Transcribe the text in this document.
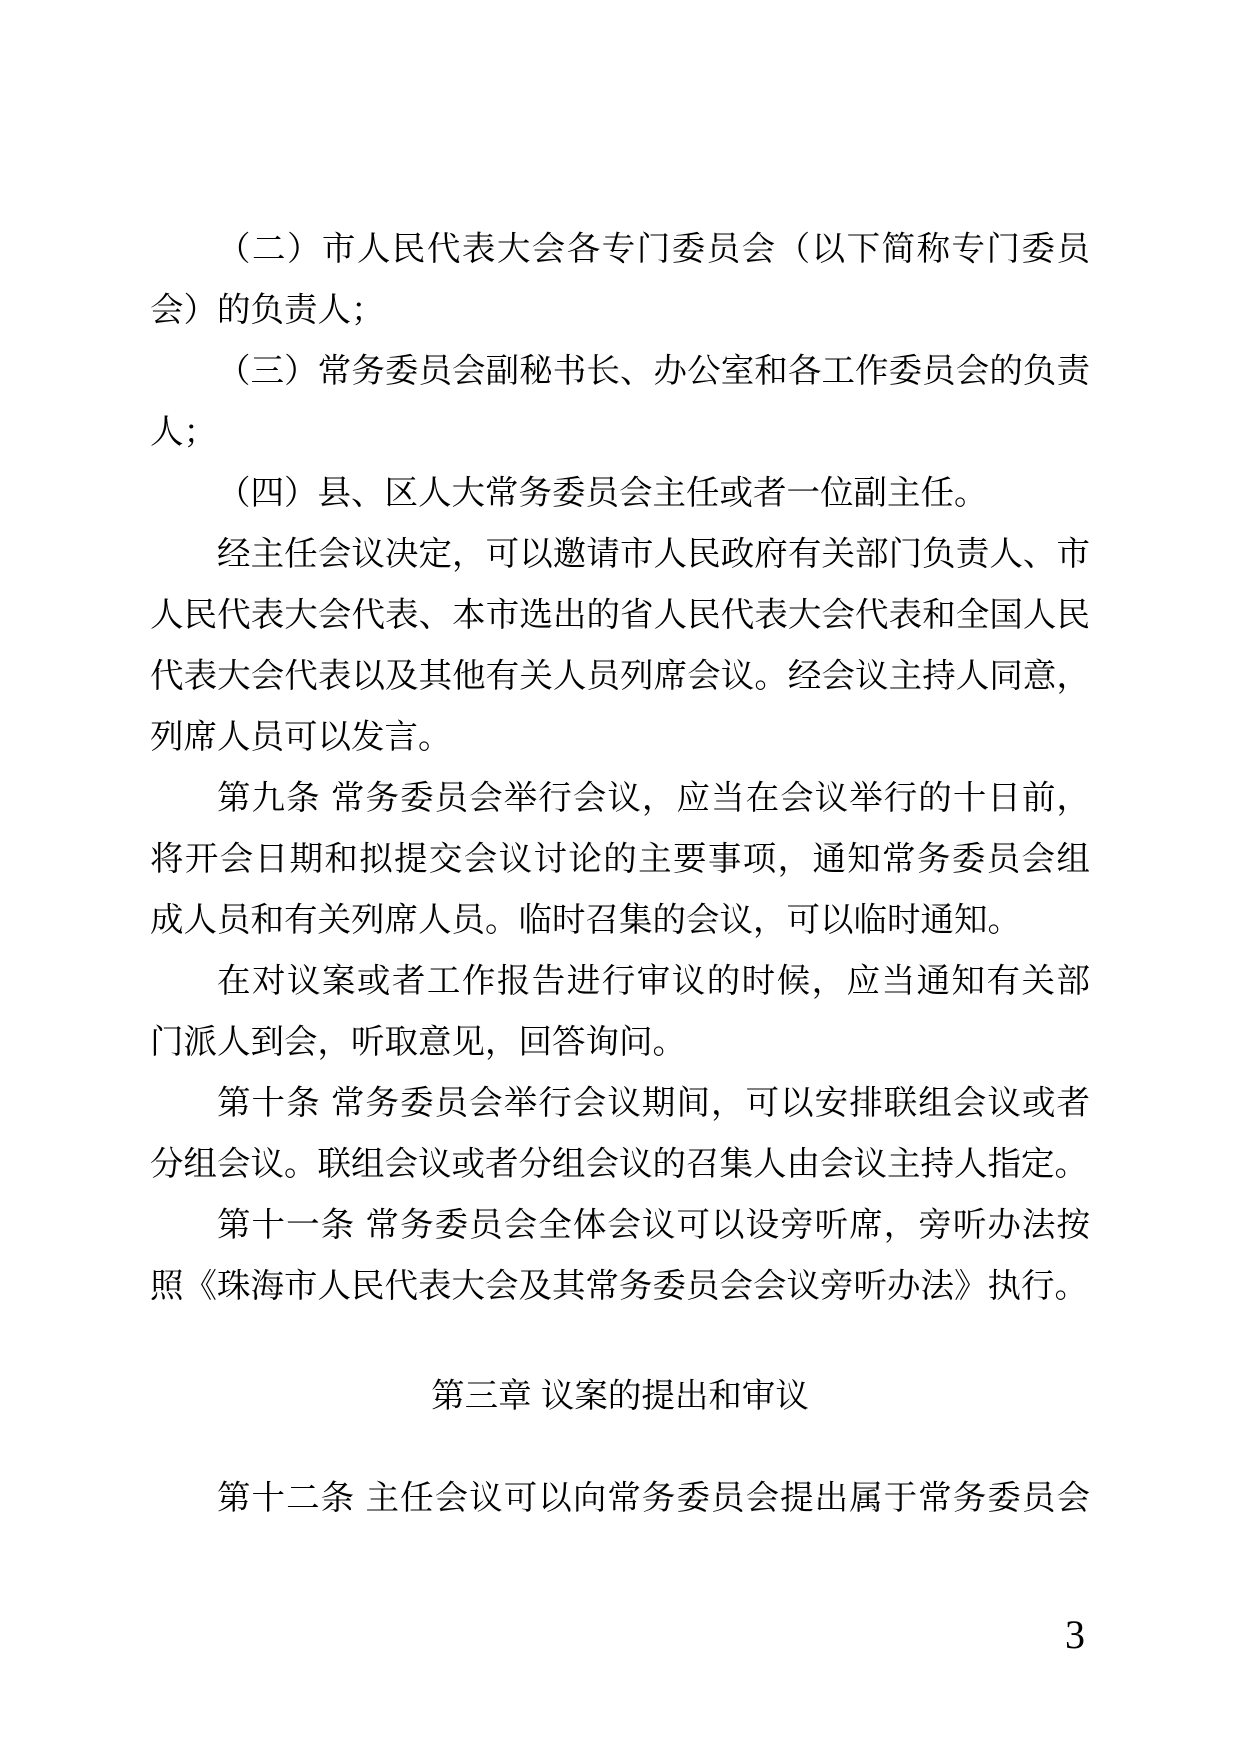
（二）市人民代表大会各专门委员会（以下简称专门委员
会）的负责人；
（三）常务委员会副秘书长、办公室和各工作委员会的负责
人；
（四）县、区人大常务委员会主任或者一位副主任。
经主任会议决定，可以邀请市人民政府有关部门负责人、市
人民代表大会代表、本市选出的省人民代表大会代表和全国人民
代表大会代表以及其他有关人员列席会议。经会议主持人同意，
列席人员可以发言。
第九条 常务委员会举行会议，应当在会议举行的十日前，
将开会日期和拟提交会议讨论的主要事项，通知常务委员会组
成人员和有关列席人员。临时召集的会议，可以临时通知。
在对议案或者工作报告进行审议的时候，应当通知有关部
门派人到会，听取意见，回答询问。
第十条 常务委员会举行会议期间，可以安排联组会议或者
分组会议。联组会议或者分组会议的召集人由会议主持人指定。
第十一条 常务委员会全体会议可以设旁听席，旁听办法按
照《珠海市人民代表大会及其常务委员会会议旁听办法》执行。
第三章 议案的提出和审议
第十二条 主任会议可以向常务委员会提出属于常务委员会
3
